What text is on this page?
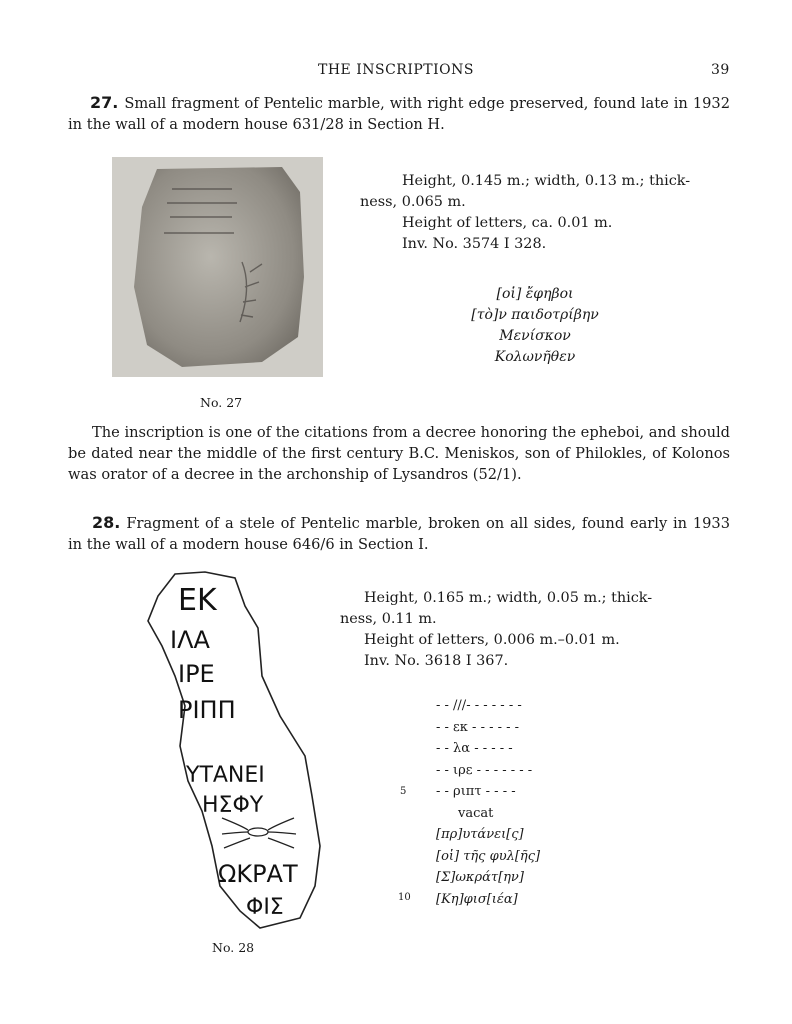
THE INSCRIPTIONS	39
27. Small fragment of Pentelic marble, with right edge preserved, found late in 1932 in the wall of a modern house 631/28 in Section H.
No. 27
Height, 0.145 m.; width, 0.13 m.; thick-
ness, 0.065 m.
Height of letters, ca. 0.01 m.
Inv. No. 3574 I 328.
[οἱ] ἔφηβοι
[τὸ]ν παιδοτρίβην
Μενίσκον
Κολωνῆθεν
The inscription is one of the citations from a decree honoring the epheboi, and should be dated near the middle of the first century B.C. Meniskos, son of Philokles, of Kolonos was orator of a decree in the archonship of Lysandros (52/1).
28. Fragment of a stele of Pentelic marble, broken on all sides, found early in 1933 in the wall of a modern house 646/6 in Section I.
ΕΚ
ΙΛΑ
ΙΡΕ
ΡΙΠΠ
ΥΤΑΝΕΙ
ΗΣΦΥ
ΩΚΡΑΤ
ΦΙΣ
No. 28
Height, 0.165 m.; width, 0.05 m.; thick-
ness, 0.11 m.
Height of letters, 0.006 m.–0.01 m.
Inv. No. 3618 I 367.
- - ///- - - - - - -
- - εκ - - - - - -
- - λα - - - - -
- - ιρε - - - - - - -
- - ριπτ - - - -
vacat
[πρ]υτάνει[ς]
[οἱ] τῆς φυλ[ῆς]
[Σ]ωκράτ[ην]
[Κη]φισ[ιέα]
5
10
